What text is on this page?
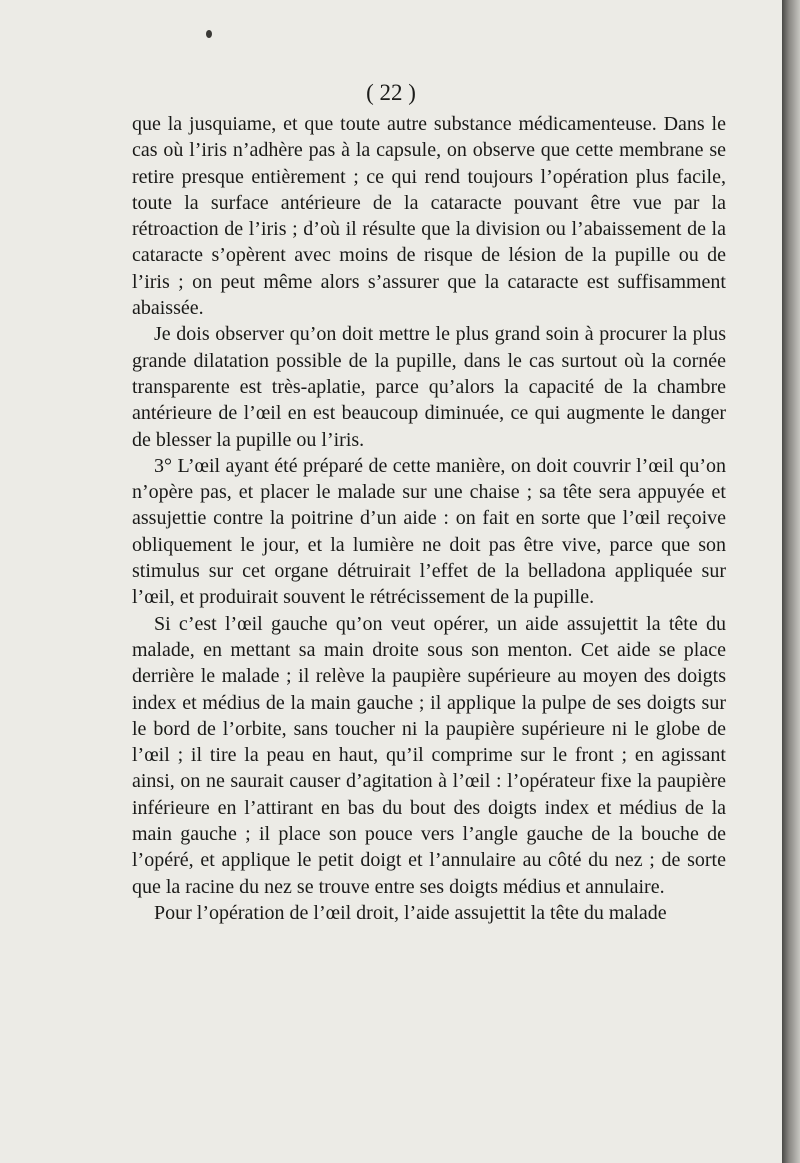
( 22 )

que la jusquiame, et que toute autre substance médicamenteuse. Dans le cas où l’iris n’adhère pas à la capsule, on observe que cette membrane se retire presque entièrement ; ce qui rend toujours l’opération plus facile, toute la surface antérieure de la cataracte pouvant être vue par la rétroaction de l’iris ; d’où il résulte que la division ou l’abaissement de la cataracte s’opèrent avec moins de risque de lésion de la pupille ou de l’iris ; on peut même alors s’assurer que la cataracte est suffisamment abaissée.

Je dois observer qu’on doit mettre le plus grand soin à procurer la plus grande dilatation possible de la pupille, dans le cas surtout où la cornée transparente est très-aplatie, parce qu’alors la capacité de la chambre antérieure de l’œil en est beaucoup diminuée, ce qui augmente le danger de blesser la pupille ou l’iris.

3° L’œil ayant été préparé de cette manière, on doit couvrir l’œil qu’on n’opère pas, et placer le malade sur une chaise ; sa tête sera appuyée et assujettie contre la poitrine d’un aide : on fait en sorte que l’œil reçoive obliquement le jour, et la lumière ne doit pas être vive, parce que son stimulus sur cet organe détruirait l’effet de la belladona appliquée sur l’œil, et produirait souvent le rétrécissement de la pupille.

Si c’est l’œil gauche qu’on veut opérer, un aide assujettit la tête du malade, en mettant sa main droite sous son menton. Cet aide se place derrière le malade ; il relève la paupière supérieure au moyen des doigts index et médius de la main gauche ; il applique la pulpe de ses doigts sur le bord de l’orbite, sans toucher ni la paupière supérieure ni le globe de l’œil ; il tire la peau en haut, qu’il comprime sur le front ; en agissant ainsi, on ne saurait causer d’agitation à l’œil : l’opérateur fixe la paupière inférieure en l’attirant en bas du bout des doigts index et médius de la main gauche ; il place son pouce vers l’angle gauche de la bouche de l’opéré, et applique le petit doigt et l’annulaire au côté du nez ; de sorte que la racine du nez se trouve entre ses doigts médius et annulaire.

Pour l’opération de l’œil droit, l’aide assujettit la tête du malade
